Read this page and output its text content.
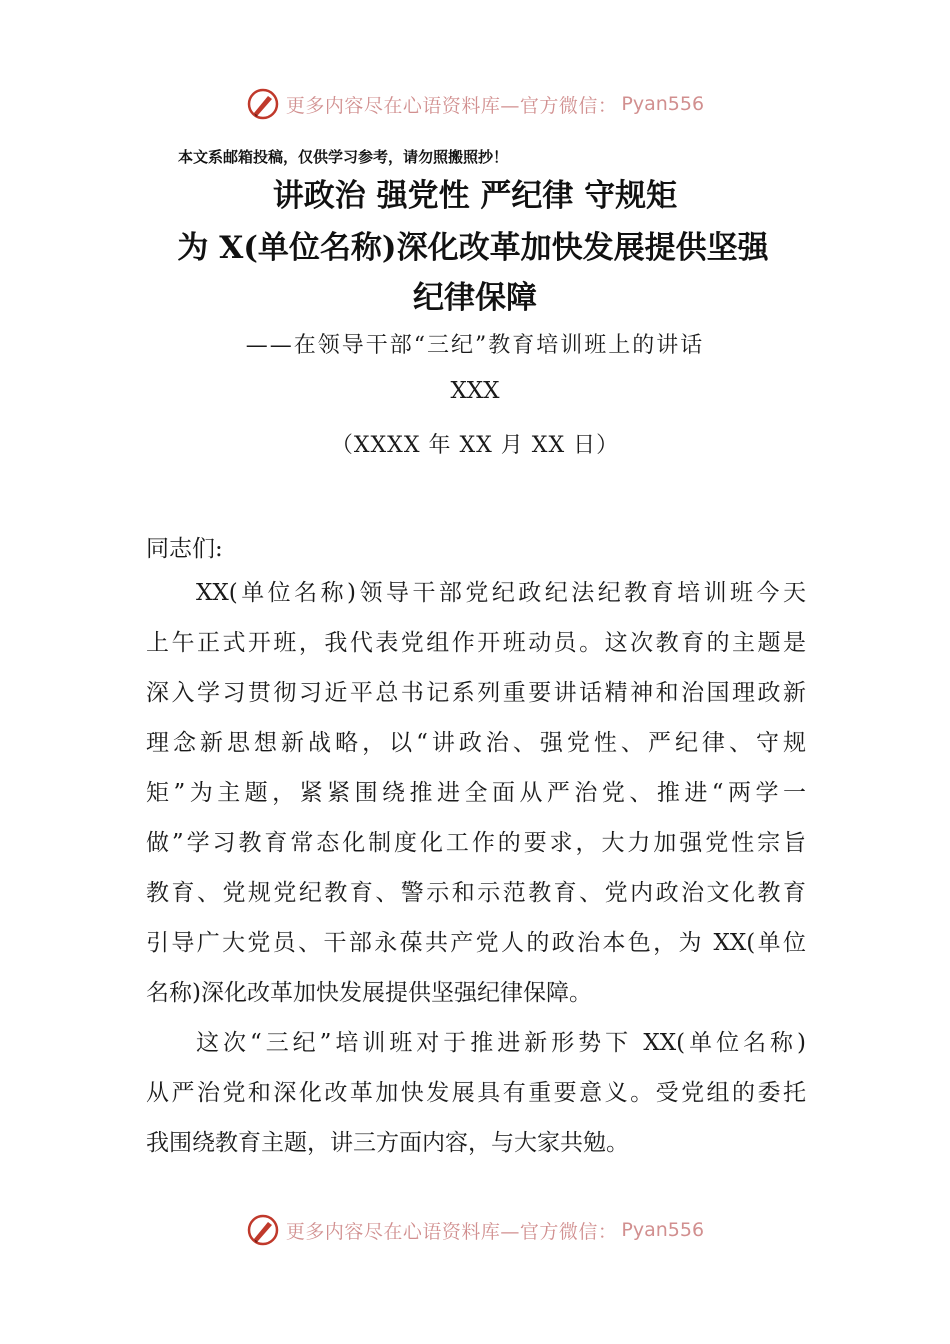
更多内容尽在心语资料库—官方微信： Pyan556
本文系邮箱投稿，仅供学习参考，请勿照搬照抄！
讲政治 强党性 严纪律 守规矩
为 X(单位名称)深化改革加快发展提供坚强
纪律保障
——在领导干部“三纪”教育培训班上的讲话
XXX
（XXXX 年 XX 月 XX 日）
同志们:
XX(单位名称)领导干部党纪政纪法纪教育培训班今天
上午正式开班，我代表党组作开班动员。这次教育的主题是
深入学习贯彻习近平总书记系列重要讲话精神和治国理政新
理念新思想新战略，以“讲政治、强党性、严纪律、守规
矩”为主题，紧紧围绕推进全面从严治党、推进“两学一
做”学习教育常态化制度化工作的要求，大力加强党性宗旨
教育、党规党纪教育、警示和示范教育、党内政治文化教育
引导广大党员、干部永葆共产党人的政治本色，为 XX(单位
名称)深化改革加快发展提供坚强纪律保障。
这次“三纪”培训班对于推进新形势下 XX(单位名称)
从严治党和深化改革加快发展具有重要意义。受党组的委托
我围绕教育主题，讲三方面内容，与大家共勉。
更多内容尽在心语资料库—官方微信： Pyan556
